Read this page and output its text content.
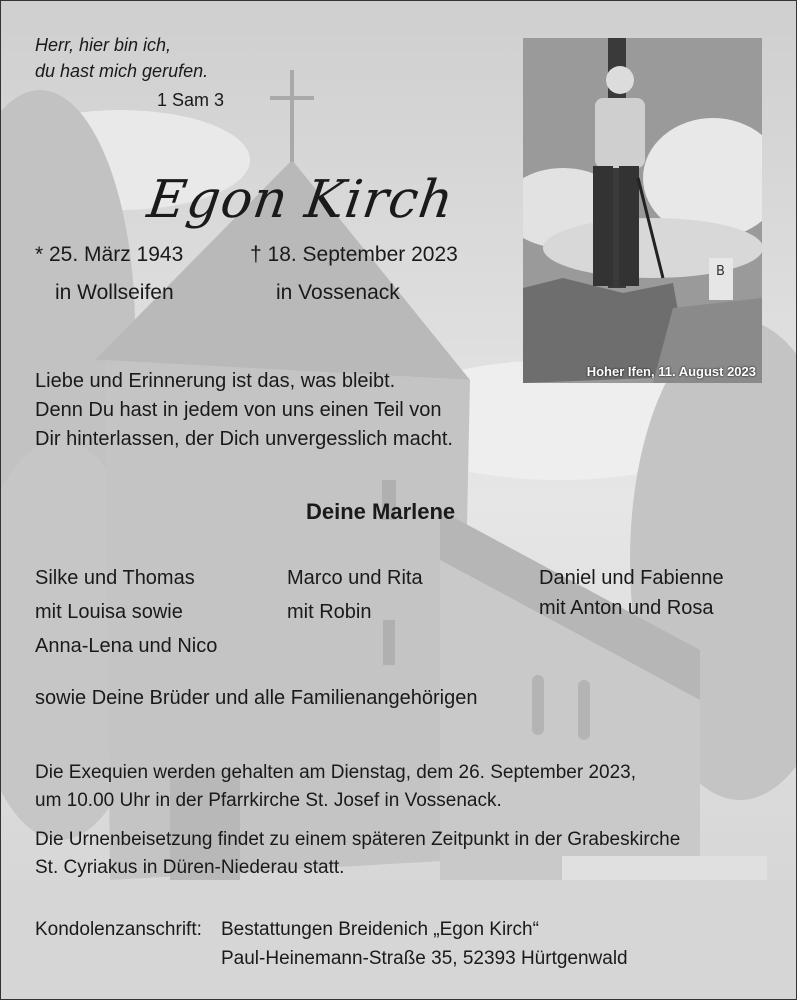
Herr, hier bin ich,
du hast mich gerufen.
1 Sam 3
Egon Kirch
* 25. März 1943	† 18. September 2023
in Wollseifen	in Vossenack
B
Hoher Ifen, 11. August 2023
Liebe und Erinnerung ist das, was bleibt.
Denn Du hast in jedem von uns einen Teil von
Dir hinterlassen, der Dich unvergesslich macht.
Deine Marlene
Silke und Thomas
mit Louisa sowie
Anna-Lena und Nico
Marco und Rita
mit Robin
Daniel und Fabienne
mit Anton und Rosa
sowie Deine Brüder und alle Familienangehörigen
Die Exequien werden gehalten am Dienstag, dem 26. September 2023,
um 10.00 Uhr in der Pfarrkirche St. Josef in Vossenack.
Die Urnenbeisetzung findet zu einem späteren Zeitpunkt in der Grabeskirche
St. Cyriakus in Düren-Niederau statt.
Kondolenzanschrift: Bestattungen Breidenich „Egon Kirch“
Paul-Heinemann-Straße 35, 52393 Hürtgenwald
